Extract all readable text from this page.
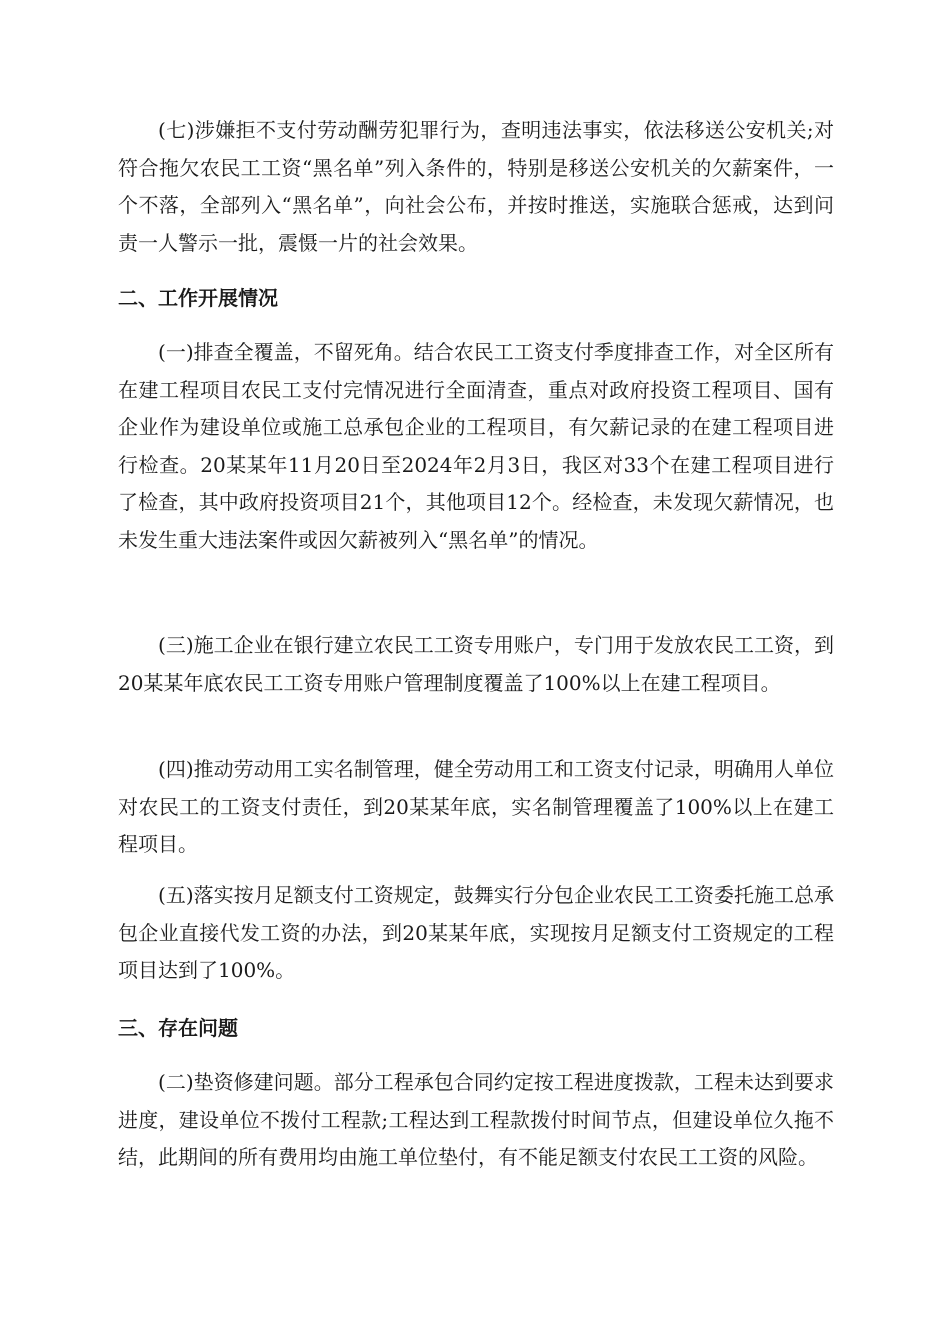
(七)涉嫌拒不支付劳动酬劳犯罪行为，查明违法事实，依法移送公安机关;对符合拖欠农民工工资“黑名单”列入条件的，特别是移送公安机关的欠薪案件，一个不落，全部列入“黑名单”，向社会公布，并按时推送，实施联合惩戒，达到问责一人警示一批，震慑一片的社会效果。

二、工作开展情况

(一)排查全覆盖，不留死角。结合农民工工资支付季度排查工作，对全区所有在建工程项目农民工支付完情况进行全面清查，重点对政府投资工程项目、国有企业作为建设单位或施工总承包企业的工程项目，有欠薪记录的在建工程项目进行检查。20某某年11月20日至2024年2月3日，我区对33个在建工程项目进行了检查，其中政府投资项目21个，其他项目12个。经检查，未发现欠薪情况，也未发生重大违法案件或因欠薪被列入“黑名单”的情况。

(三)施工企业在银行建立农民工工资专用账户，专门用于发放农民工工资，到20某某年底农民工工资专用账户管理制度覆盖了100%以上在建工程项目。

(四)推动劳动用工实名制管理，健全劳动用工和工资支付记录，明确用人单位对农民工的工资支付责任，到20某某年底，实名制管理覆盖了100%以上在建工程项目。

(五)落实按月足额支付工资规定，鼓舞实行分包企业农民工工资委托施工总承包企业直接代发工资的办法，到20某某年底，实现按月足额支付工资规定的工程项目达到了100%。

三、存在问题

(二)垫资修建问题。部分工程承包合同约定按工程进度拨款，工程未达到要求进度，建设单位不拨付工程款;工程达到工程款拨付时间节点，但建设单位久拖不结，此期间的所有费用均由施工单位垫付，有不能足额支付农民工工资的风险。
